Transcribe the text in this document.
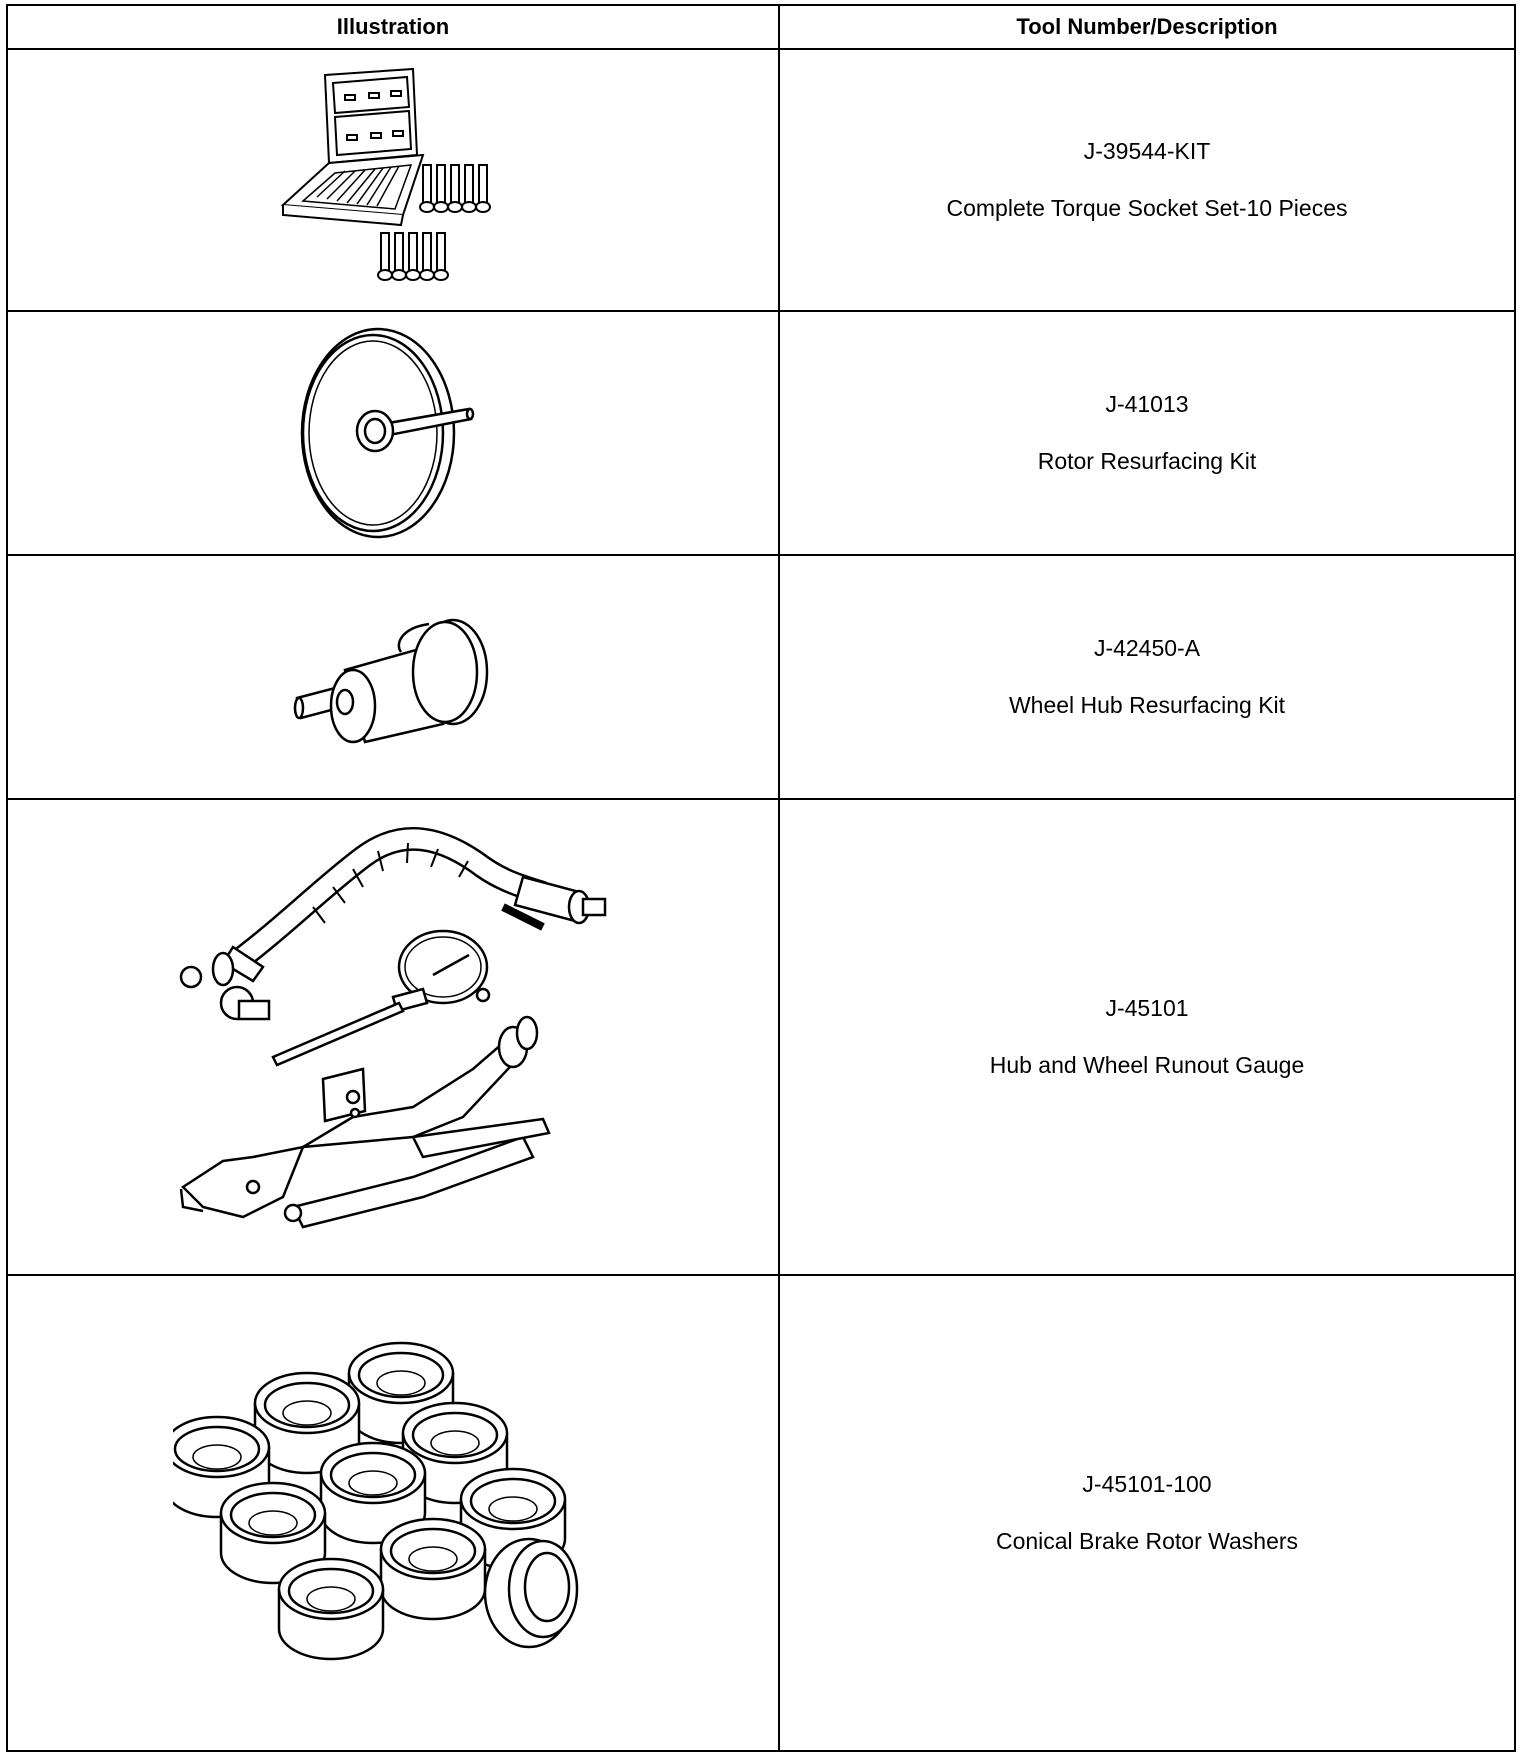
Illustration	Tool Number/Description

J-39544-KIT
Complete Torque Socket Set-10 Pieces

J-41013
Rotor Resurfacing Kit

J-42450-A
Wheel Hub Resurfacing Kit

J-45101
Hub and Wheel Runout Gauge

J-45101-100
Conical Brake Rotor Washers
